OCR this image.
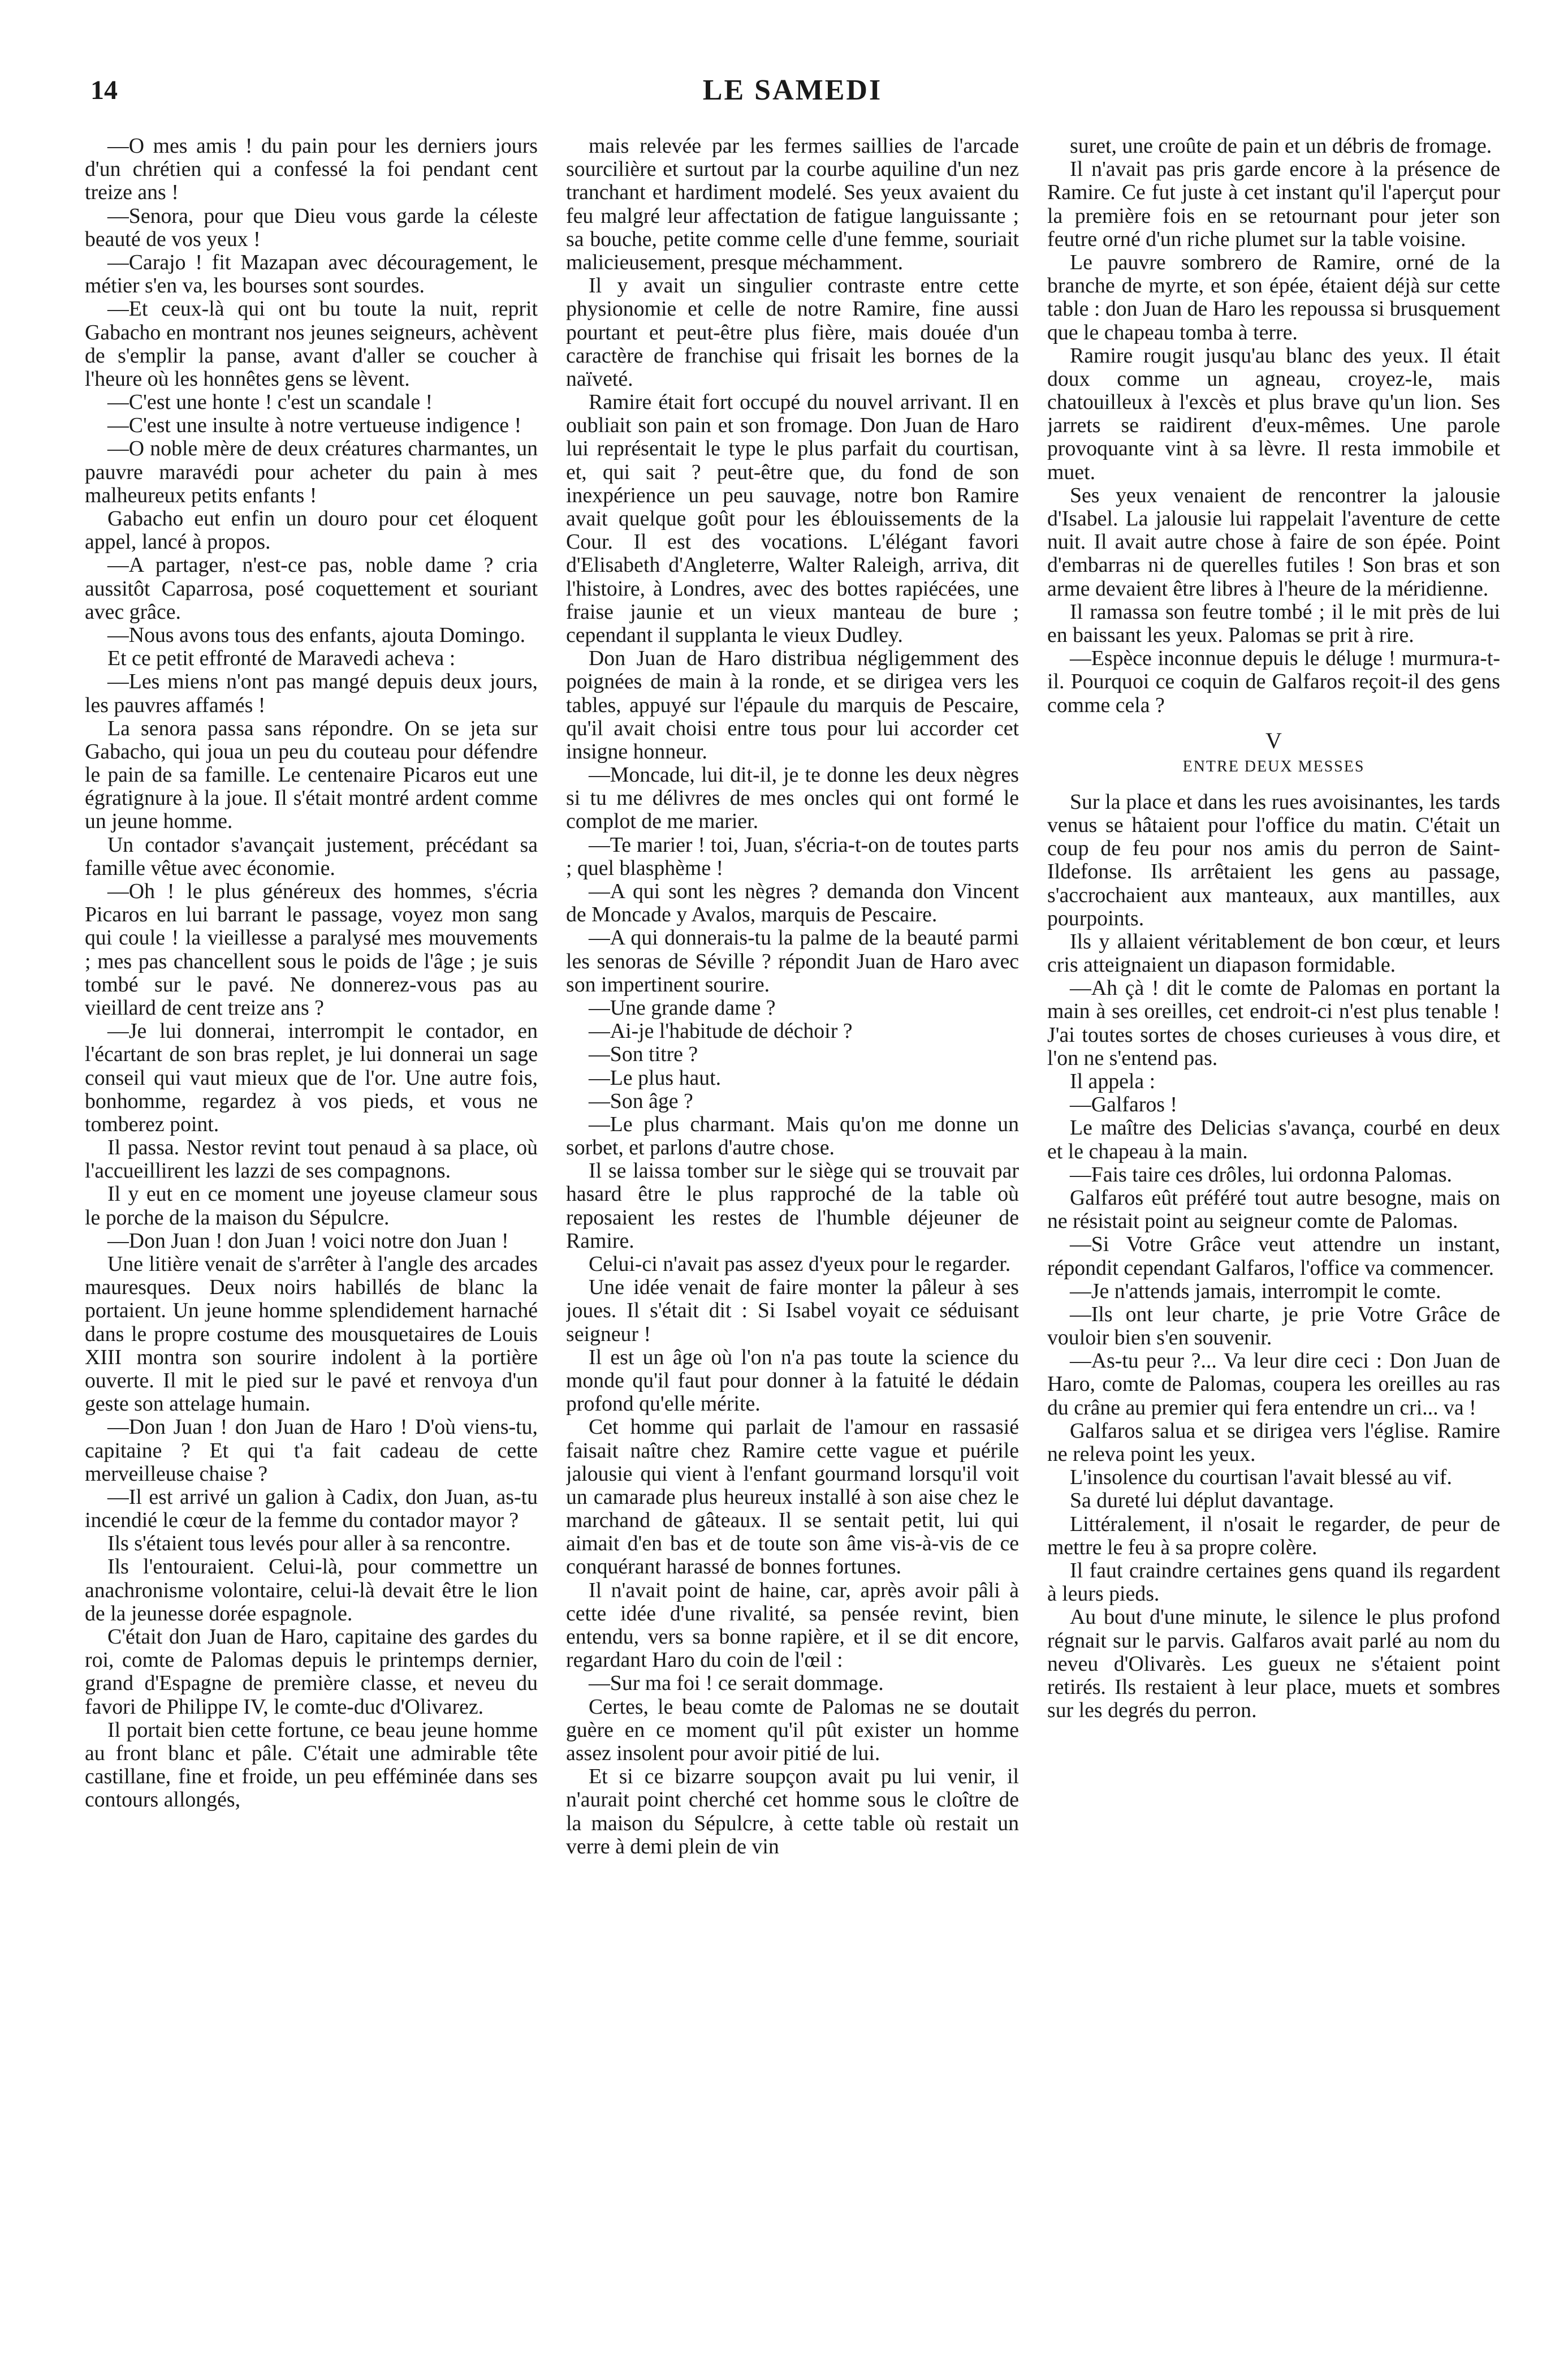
14	LE SAMEDI

—O mes amis ! du pain pour les derniers jours d'un chrétien qui a confessé la foi pendant cent treize ans !

—Senora, pour que Dieu vous garde la céleste beauté de vos yeux !

—Carajo ! fit Mazapan avec découragement, le métier s'en va, les bourses sont sourdes.

—Et ceux-là qui ont bu toute la nuit, reprit Gabacho en montrant nos jeunes seigneurs, achèvent de s'emplir la panse, avant d'aller se coucher à l'heure où les honnêtes gens se lèvent.

—C'est une honte ! c'est un scandale !

—C'est une insulte à notre vertueuse indigence !

—O noble mère de deux créatures charmantes, un pauvre maravédi pour acheter du pain à mes malheureux petits enfants !

Gabacho eut enfin un douro pour cet éloquent appel, lancé à propos.

—A partager, n'est-ce pas, noble dame ? cria aussitôt Caparrosa, posé coquettement et souriant avec grâce.

—Nous avons tous des enfants, ajouta Domingo.

Et ce petit effronté de Maravedi acheva :

—Les miens n'ont pas mangé depuis deux jours, les pauvres affamés !

La senora passa sans répondre. On se jeta sur Gabacho, qui joua un peu du couteau pour défendre le pain de sa famille. Le centenaire Picaros eut une égratignure à la joue. Il s'était montré ardent comme un jeune homme.

Un contador s'avançait justement, précédant sa famille vêtue avec économie.

—Oh ! le plus généreux des hommes, s'écria Picaros en lui barrant le passage, voyez mon sang qui coule ! la vieillesse a paralysé mes mouvements ; mes pas chancellent sous le poids de l'âge ; je suis tombé sur le pavé. Ne donnerez-vous pas au vieillard de cent treize ans ?

—Je lui donnerai, interrompit le contador, en l'écartant de son bras replet, je lui donnerai un sage conseil qui vaut mieux que de l'or. Une autre fois, bonhomme, regardez à vos pieds, et vous ne tomberez point.

Il passa. Nestor revint tout penaud à sa place, où l'accueillirent les lazzi de ses compagnons.

Il y eut en ce moment une joyeuse clameur sous le porche de la maison du Sépulcre.

—Don Juan ! don Juan ! voici notre don Juan !

Une litière venait de s'arrêter à l'angle des arcades mauresques. Deux noirs habillés de blanc la portaient. Un jeune homme splendidement harnaché dans le propre costume des mousquetaires de Louis XIII montra son sourire indolent à la portière ouverte. Il mit le pied sur le pavé et renvoya d'un geste son attelage humain.

—Don Juan ! don Juan de Haro ! D'où viens-tu, capitaine ? Et qui t'a fait cadeau de cette merveilleuse chaise ?

—Il est arrivé un galion à Cadix, don Juan, as-tu incendié le cœur de la femme du contador mayor ?

Ils s'étaient tous levés pour aller à sa rencontre.

Ils l'entouraient. Celui-là, pour commettre un anachronisme volontaire, celui-là devait être le lion de la jeunesse dorée espagnole.

C'était don Juan de Haro, capitaine des gardes du roi, comte de Palomas depuis le printemps dernier, grand d'Espagne de première classe, et neveu du favori de Philippe IV, le comte-duc d'Olivarez.

Il portait bien cette fortune, ce beau jeune homme au front blanc et pâle. C'était une admirable tête castillane, fine et froide, un peu efféminée dans ses contours allongés,

mais relevée par les fermes saillies de l'arcade sourcilière et surtout par la courbe aquiline d'un nez tranchant et hardiment modelé. Ses yeux avaient du feu malgré leur affectation de fatigue languissante ; sa bouche, petite comme celle d'une femme, souriait malicieusement, presque méchamment.

Il y avait un singulier contraste entre cette physionomie et celle de notre Ramire, fine aussi pourtant et peut-être plus fière, mais douée d'un caractère de franchise qui frisait les bornes de la naïveté.

Ramire était fort occupé du nouvel arrivant. Il en oubliait son pain et son fromage. Don Juan de Haro lui représentait le type le plus parfait du courtisan, et, qui sait ? peut-être que, du fond de son inexpérience un peu sauvage, notre bon Ramire avait quelque goût pour les éblouissements de la Cour. Il est des vocations. L'élégant favori d'Elisabeth d'Angleterre, Walter Raleigh, arriva, dit l'histoire, à Londres, avec des bottes rapiécées, une fraise jaunie et un vieux manteau de bure ; cependant il supplanta le vieux Dudley.

Don Juan de Haro distribua négligemment des poignées de main à la ronde, et se dirigea vers les tables, appuyé sur l'épaule du marquis de Pescaire, qu'il avait choisi entre tous pour lui accorder cet insigne honneur.

—Moncade, lui dit-il, je te donne les deux nègres si tu me délivres de mes oncles qui ont formé le complot de me marier.

—Te marier ! toi, Juan, s'écria-t-on de toutes parts ; quel blasphème !

—A qui sont les nègres ? demanda don Vincent de Moncade y Avalos, marquis de Pescaire.

—A qui donnerais-tu la palme de la beauté parmi les senoras de Séville ? répondit Juan de Haro avec son impertinent sourire.

—Une grande dame ?

—Ai-je l'habitude de déchoir ?

—Son titre ?

—Le plus haut.

—Son âge ?

—Le plus charmant. Mais qu'on me donne un sorbet, et parlons d'autre chose.

Il se laissa tomber sur le siège qui se trouvait par hasard être le plus rapproché de la table où reposaient les restes de l'humble déjeuner de Ramire.

Celui-ci n'avait pas assez d'yeux pour le regarder.

Une idée venait de faire monter la pâleur à ses joues. Il s'était dit : Si Isabel voyait ce séduisant seigneur !

Il est un âge où l'on n'a pas toute la science du monde qu'il faut pour donner à la fatuité le dédain profond qu'elle mérite.

Cet homme qui parlait de l'amour en rassasié faisait naître chez Ramire cette vague et puérile jalousie qui vient à l'enfant gourmand lorsqu'il voit un camarade plus heureux installé à son aise chez le marchand de gâteaux. Il se sentait petit, lui qui aimait d'en bas et de toute son âme vis-à-vis de ce conquérant harassé de bonnes fortunes.

Il n'avait point de haine, car, après avoir pâli à cette idée d'une rivalité, sa pensée revint, bien entendu, vers sa bonne rapière, et il se dit encore, regardant Haro du coin de l'œil :

—Sur ma foi ! ce serait dommage.

Certes, le beau comte de Palomas ne se doutait guère en ce moment qu'il pût exister un homme assez insolent pour avoir pitié de lui.

Et si ce bizarre soupçon avait pu lui venir, il n'aurait point cherché cet homme sous le cloître de la maison du Sépulcre, à cette table où restait un verre à demi plein de vin

suret, une croûte de pain et un débris de fromage.

Il n'avait pas pris garde encore à la présence de Ramire. Ce fut juste à cet instant qu'il l'aperçut pour la première fois en se retournant pour jeter son feutre orné d'un riche plumet sur la table voisine.

Le pauvre sombrero de Ramire, orné de la branche de myrte, et son épée, étaient déjà sur cette table : don Juan de Haro les repoussa si brusquement que le chapeau tomba à terre.

Ramire rougit jusqu'au blanc des yeux. Il était doux comme un agneau, croyez-le, mais chatouilleux à l'excès et plus brave qu'un lion. Ses jarrets se raidirent d'eux-mêmes. Une parole provoquante vint à sa lèvre. Il resta immobile et muet.

Ses yeux venaient de rencontrer la jalousie d'Isabel. La jalousie lui rappelait l'aventure de cette nuit. Il avait autre chose à faire de son épée. Point d'embarras ni de querelles futiles ! Son bras et son arme devaient être libres à l'heure de la méridienne.

Il ramassa son feutre tombé ; il le mit près de lui en baissant les yeux. Palomas se prit à rire.

—Espèce inconnue depuis le déluge ! murmura-t-il. Pourquoi ce coquin de Galfaros reçoit-il des gens comme cela ?

V

ENTRE DEUX MESSES

Sur la place et dans les rues avoisinantes, les tards venus se hâtaient pour l'office du matin. C'était un coup de feu pour nos amis du perron de Saint-Ildefonse. Ils arrêtaient les gens au passage, s'accrochaient aux manteaux, aux mantilles, aux pourpoints.

Ils y allaient véritablement de bon cœur, et leurs cris atteignaient un diapason formidable.

—Ah çà ! dit le comte de Palomas en portant la main à ses oreilles, cet endroit-ci n'est plus tenable ! J'ai toutes sortes de choses curieuses à vous dire, et l'on ne s'entend pas.

Il appela :

—Galfaros !

Le maître des Delicias s'avança, courbé en deux et le chapeau à la main.

—Fais taire ces drôles, lui ordonna Palomas.

Galfaros eût préféré tout autre besogne, mais on ne résistait point au seigneur comte de Palomas.

—Si Votre Grâce veut attendre un instant, répondit cependant Galfaros, l'office va commencer.

—Je n'attends jamais, interrompit le comte.

—Ils ont leur charte, je prie Votre Grâce de vouloir bien s'en souvenir.

—As-tu peur ?... Va leur dire ceci : Don Juan de Haro, comte de Palomas, coupera les oreilles au ras du crâne au premier qui fera entendre un cri... va !

Galfaros salua et se dirigea vers l'église. Ramire ne releva point les yeux.

L'insolence du courtisan l'avait blessé au vif.

Sa dureté lui déplut davantage.

Littéralement, il n'osait le regarder, de peur de mettre le feu à sa propre colère.

Il faut craindre certaines gens quand ils regardent à leurs pieds.

Au bout d'une minute, le silence le plus profond régnait sur le parvis. Galfaros avait parlé au nom du neveu d'Olivarès. Les gueux ne s'étaient point retirés. Ils restaient à leur place, muets et sombres sur les degrés du perron.
